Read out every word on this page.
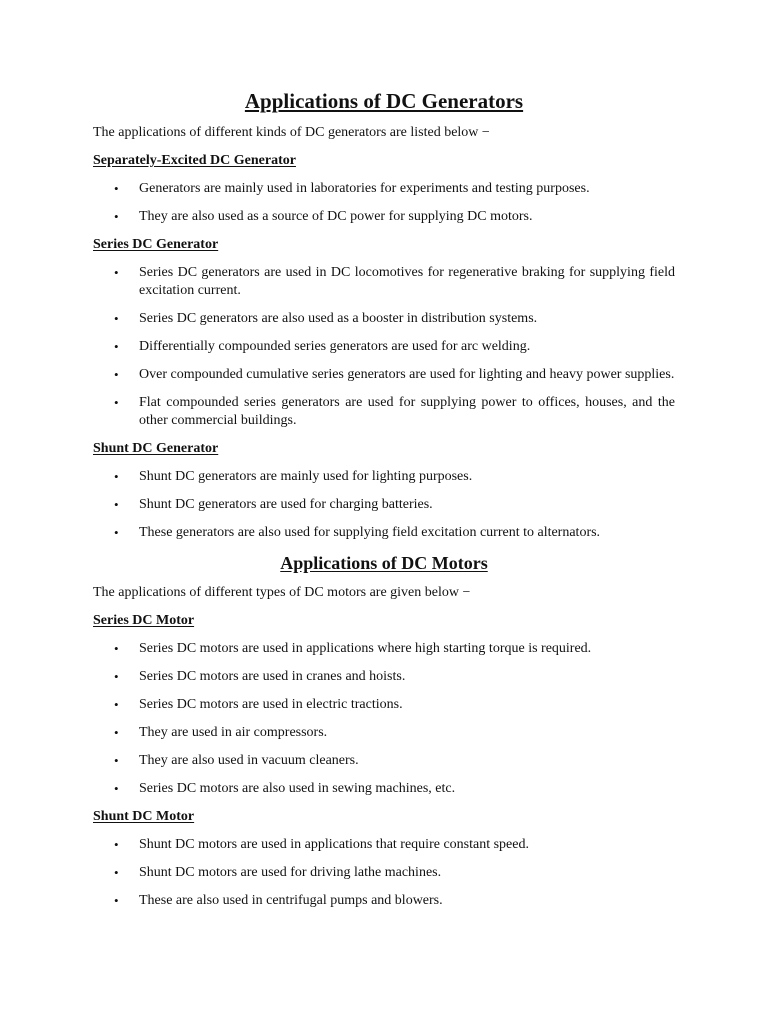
Applications of DC Generators

The applications of different kinds of DC generators are listed below −

Separately-Excited DC Generator
• Generators are mainly used in laboratories for experiments and testing purposes.
• They are also used as a source of DC power for supplying DC motors.
Series DC Generator
• Series DC generators are used in DC locomotives for regenerative braking for supplying field excitation current.
• Series DC generators are also used as a booster in distribution systems.
• Differentially compounded series generators are used for arc welding.
• Over compounded cumulative series generators are used for lighting and heavy power supplies.
• Flat compounded series generators are used for supplying power to offices, houses, and the other commercial buildings.
Shunt DC Generator
• Shunt DC generators are mainly used for lighting purposes.
• Shunt DC generators are used for charging batteries.
• These generators are also used for supplying field excitation current to alternators.
Applications of DC Motors

The applications of different types of DC motors are given below −

Series DC Motor
• Series DC motors are used in applications where high starting torque is required.
• Series DC motors are used in cranes and hoists.
• Series DC motors are used in electric tractions.
• They are used in air compressors.
• They are also used in vacuum cleaners.
• Series DC motors are also used in sewing machines, etc.
Shunt DC Motor
• Shunt DC motors are used in applications that require constant speed.
• Shunt DC motors are used for driving lathe machines.
• These are also used in centrifugal pumps and blowers.
